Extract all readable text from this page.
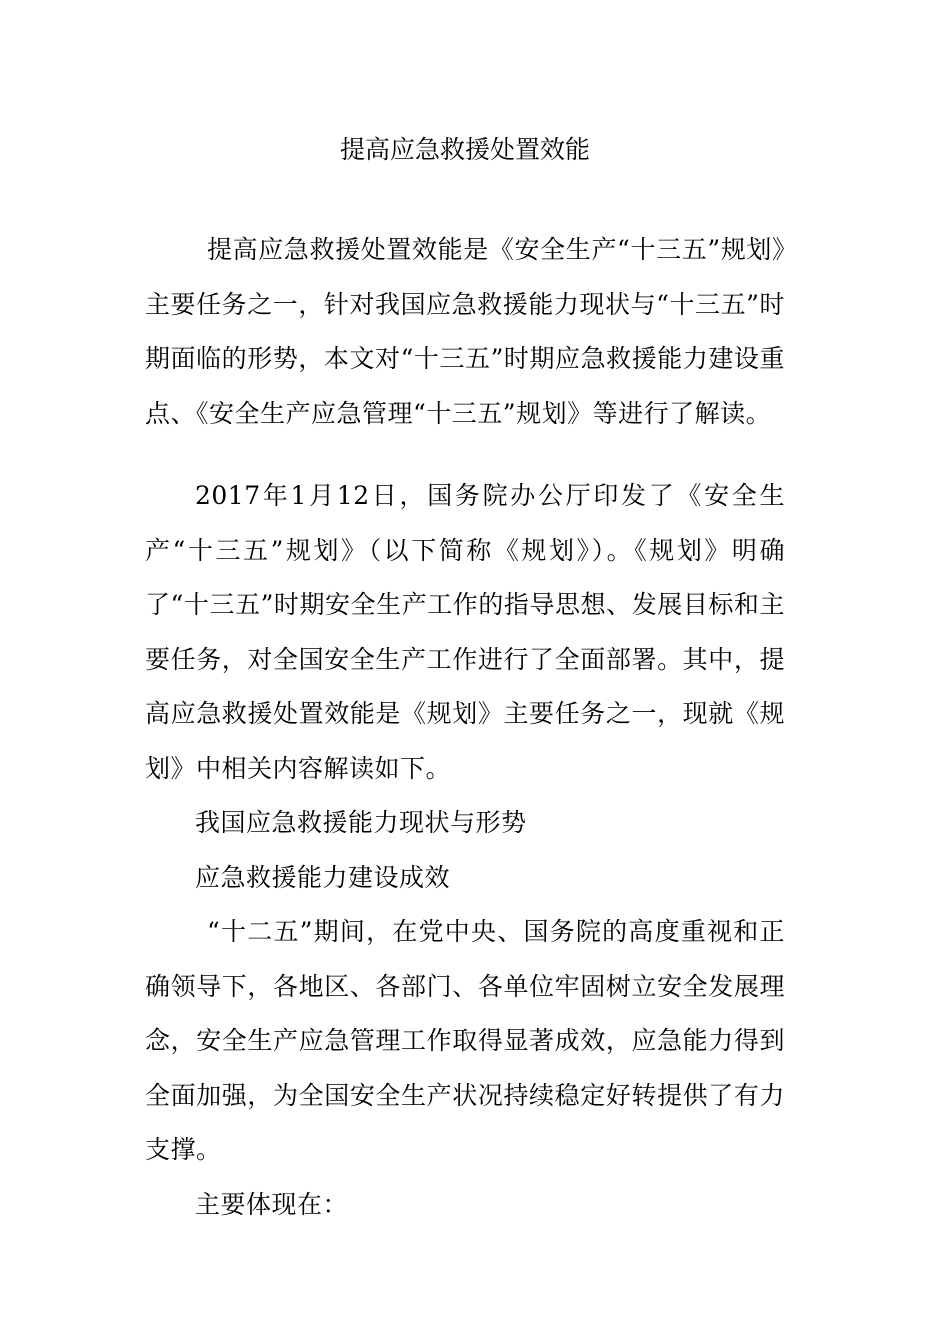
提高应急救援处置效能

提高应急救援处置效能是《安全生产“十三五”规划》主要任务之一，针对我国应急救援能力现状与“十三五”时期面临的形势，本文对“十三五”时期应急救援能力建设重点、《安全生产应急管理“十三五”规划》等进行了解读。

2017年1月12日，国务院办公厅印发了《安全生产“十三五”规划》（以下简称《规划》）。《规划》明确了“十三五”时期安全生产工作的指导思想、发展目标和主要任务，对全国安全生产工作进行了全面部署。其中，提高应急救援处置效能是《规划》主要任务之一，现就《规划》中相关内容解读如下。

我国应急救援能力现状与形势

应急救援能力建设成效

“十二五”期间，在党中央、国务院的高度重视和正确领导下，各地区、各部门、各单位牢固树立安全发展理念，安全生产应急管理工作取得显著成效，应急能力得到全面加强，为全国安全生产状况持续稳定好转提供了有力支撑。

主要体现在：
